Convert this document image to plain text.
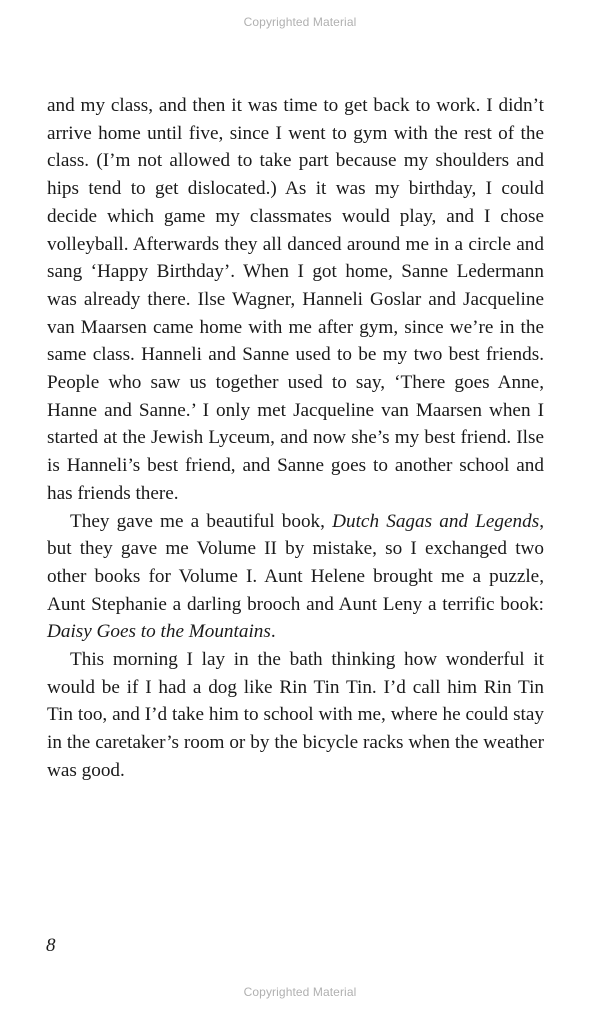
Copyrighted Material

and my class, and then it was time to get back to work. I didn’t arrive home until five, since I went to gym with the rest of the class. (I’m not allowed to take part because my shoulders and hips tend to get dislocated.) As it was my birthday, I could decide which game my classmates would play, and I chose volleyball. Afterwards they all danced around me in a circle and sang ‘Happy Birthday’. When I got home, Sanne Ledermann was already there. Ilse Wagner, Hanneli Goslar and Jacqueline van Maarsen came home with me after gym, since we’re in the same class. Hanneli and Sanne used to be my two best friends. People who saw us together used to say, ‘There goes Anne, Hanne and Sanne.’ I only met Jacqueline van Maarsen when I started at the Jewish Lyceum, and now she’s my best friend. Ilse is Hanneli’s best friend, and Sanne goes to another school and has friends there.

They gave me a beautiful book, Dutch Sagas and Legends, but they gave me Volume II by mistake, so I exchanged two other books for Volume I. Aunt Helene brought me a puzzle, Aunt Stephanie a darling brooch and Aunt Leny a terrific book: Daisy Goes to the Mountains.

This morning I lay in the bath thinking how wonderful it would be if I had a dog like Rin Tin Tin. I’d call him Rin Tin Tin too, and I’d take him to school with me, where he could stay in the caretaker’s room or by the bicycle racks when the weather was good.

8
Copyrighted Material
